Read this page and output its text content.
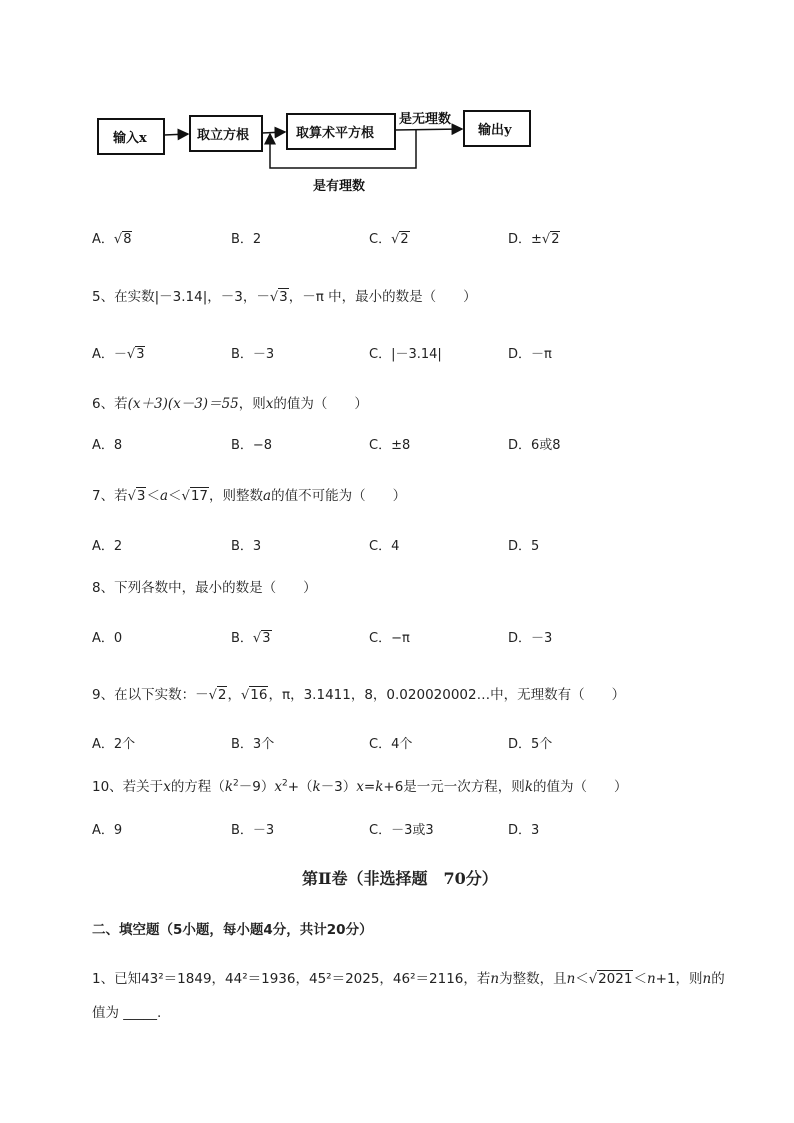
输入x	取立方根	取算术平方根
是无理数
输出y
是有理数
A． √ 8	B．2	C． √ 2	D．± √ 2
5、在实数|－3.14|，－3，－ √ 3，－π 中，最小的数是（　　）
A．－ √ 3	B．－3	C．|－3.14|	D．－π
6、若(x＋3)(x－3)＝55，则x的值为（　　）
A．8	B．−8	C．±8	D．6或8
7、若 √ 3＜a＜ √ 17，则整数a的值不可能为（　　）
A．2	B．3	C．4	D．5
8、下列各数中，最小的数是（　　）
A．0	B． √ 3	C．−π	D．－3
9、在以下实数：－ √ 2， √ 16，π，3.1411，8，0.020020002…中，无理数有（　　）
A．2个	B．3个	C．4个	D．5个
10、若关于x的方程$(k^2-9)x^2+(k-3)x=k+6$是一元一次方程，则k的值为（　　）
A．9	B．－3	C．－3或3	D．3
第Ⅱ卷（非选择题　70分）
二、填空题（5小题，每小题4分，共计20分）
1、已知43²＝1849，44²＝1936，45²＝2025，46²＝2116，若n为整数，且n＜ √ 2021＜n+1，则n的
值为 _____.
